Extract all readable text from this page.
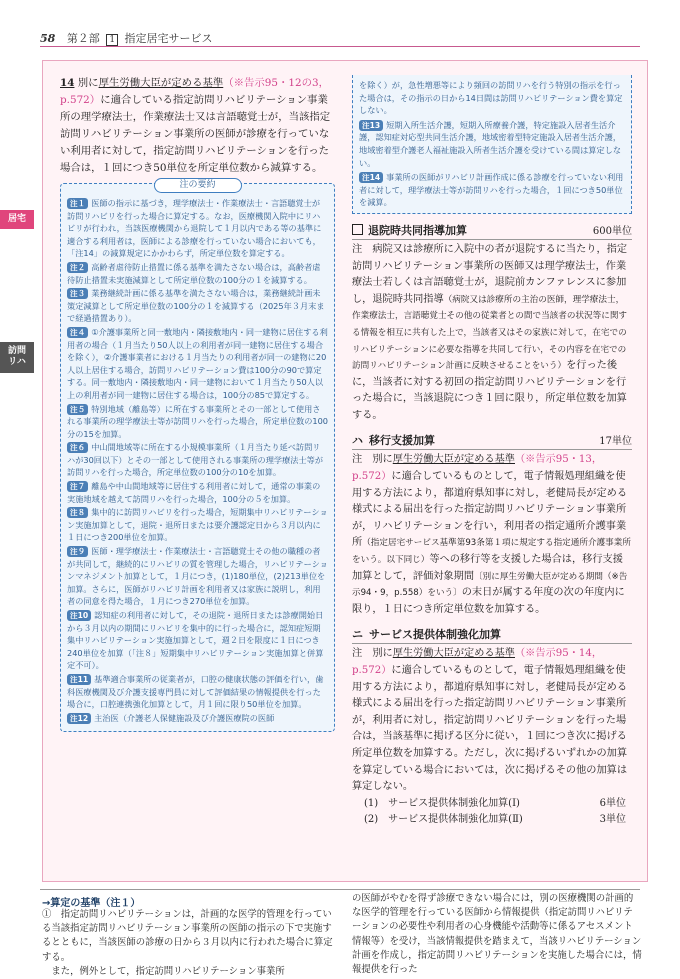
58 第２部 1 指定居宅サービス
居宅
訪問
リハ

14 別に厚生労働大臣が定める基準（※告示95・12の3，p.572）に適合している指定訪問リハビリテーション事業所の理学療法士，作業療法士又は言語聴覚士が，当該指定訪問リハビリテーション事業所の医師が診療を行っていない利用者に対して，指定訪問リハビリテーションを行った場合は，１回につき50単位を所定単位数から減算する。

注の要約

注１ 医師の指示に基づき，理学療法士・作業療法士・言語聴覚士が訪問リハビリを行った場合に算定する。なお，医療機関入院中にリハビリが行われ，当該医療機関から退院して１月以内である等の基準に適合する利用者は，医師による診療を行っていない場合においても，「注14」の減算規定にかかわらず，所定単位数を算定する。

注２ 高齢者虐待防止措置に係る基準を満たさない場合は，高齢者虐待防止措置未実施減算として所定単位数の100分の１を減算する。

注３ 業務継続計画に係る基準を満たさない場合は，業務継続計画未策定減算として所定単位数の100分の１を減算する（2025年３月末まで経過措置あり）。

注４ ①介護事業所と同一敷地内・隣接敷地内・同一建物に居住する利用者の場合（１月当たり50人以上の利用者が同一建物に居住する場合を除く），②介護事業者における１月当たりの利用者が同一の建物に20人以上居住する場合，訪問リハビリテーション費は100分の90で算定する。同一敷地内・隣接敷地内・同一建物において１月当たり50人以上の利用者が同一建物に居住する場合は，100分の85で算定する。

注５ 特別地域（離島等）に所在する事業所とその一部として使用される事業所の理学療法士等が訪問リハを行った場合，所定単位数の100分の15を加算。

注６ 中山間地域等に所在する小規模事業所（１月当たり延べ訪問リハが30回以下）とその一部として使用される事業所の理学療法士等が訪問リハを行った場合，所定単位数の100分の10を加算。

注７ 離島や中山間地域等に居住する利用者に対して，通常の事業の実施地域を越えて訪問リハを行った場合，100分の５を加算。

注８ 集中的に訪問リハビリを行った場合，短期集中リハビリテーション実施加算として，退院・退所日または要介護認定日から３月以内に１日につき200単位を加算。

注９ 医師・理学療法士・作業療法士・言語聴覚士その他の職種の者が共同して，継続的にリハビリの質を管理した場合，リハビリテーションマネジメント加算として，１月につき，(1)180単位，(2)213単位を加算。さらに，医師がリハビリ計画を利用者又は家族に説明し，利用者の同意を得た場合，１月につき270単位を加算。

注10 認知症の利用者に対して，その退院・退所日または診療開始日から３月以内の期間にリハビリを集中的に行った場合に，認知症短期集中リハビリテーション実施加算として，週２日を限度に１日につき240単位を加算（「注８」短期集中リハビリテーション実施加算と併算定不可）。

注11 基準適合事業所の従業者が，口腔の健康状態の評価を行い，歯科医療機関及び介護支援専門員に対して評価結果の情報提供を行った場合に，口腔連携強化加算として，月１回に限り50単位を加算。

注12 主治医（介護老人保健施設及び介護医療院の医師

を除く）が，急性増悪等により頻回の訪問リハを行う特別の指示を行った場合は，その指示の日から14日間は訪問リハビリテーション費を算定しない。

注13 短期入所生活介護，短期入所療養介護，特定施設入居者生活介護，認知症対応型共同生活介護，地域密着型特定施設入居者生活介護，地域密着型介護老人福祉施設入所者生活介護を受けている間は算定しない。

注14 事業所の医師がリハビリ計画作成に係る診療を行っていない利用者に対して，理学療法士等が訪問リハを行った場合，１回につき50単位を減算。

退院時共同指導加算	600単位

注　病院又は診療所に入院中の者が退院するに当たり，指定訪問リハビリテーション事業所の医師又は理学療法士，作業療法士若しくは言語聴覚士が，退院前カンファレンスに参加し，退院時共同指導（病院又は診療所の主治の医師，理学療法士，作業療法士，言語聴覚士その他の従業者との間で当該者の状況等に関する情報を相互に共有した上で，当該者又はその家族に対して，在宅でのリハビリテーションに必要な指導を共同して行い，その内容を在宅での訪問リハビリテーション計画に反映させることをいう）を行った後に，当該者に対する初回の指定訪問リハビリテーションを行った場合に，当該退院につき１回に限り，所定単位数を加算する。

ハ 移行支援加算	17単位

注　別に厚生労働大臣が定める基準（※告示95・13，p.572）に適合しているものとして，電子情報処理組織を使用する方法により，都道府県知事に対し，老健局長が定める様式による届出を行った指定訪問リハビリテーション事業所が，リハビリテーションを行い，利用者の指定通所介護事業所（指定居宅サービス基準第93条第１項に規定する指定通所介護事業所をいう。以下同じ）等への移行等を支援した場合は，移行支援加算として，評価対象期間〔別に厚生労働大臣が定める期間（※告示94・9，p.558）をいう〕の末日が属する年度の次の年度内に限り，１日につき所定単位数を加算する。

ニ サービス提供体制強化加算

注　別に厚生労働大臣が定める基準（※告示95・14，p.572）に適合しているものとして，電子情報処理組織を使用する方法により，都道府県知事に対し，老健局長が定める様式による届出を行った指定訪問リハビリテーション事業所が，利用者に対し，指定訪問リハビリテーションを行った場合は，当該基準に掲げる区分に従い，１回につき次に掲げる所定単位数を加算する。ただし，次に掲げるいずれかの加算を算定している場合においては，次に掲げるその他の加算は算定しない。

(1)　サービス提供体制強化加算(Ⅰ)	6単位
(2)　サービス提供体制強化加算(Ⅱ)	3単位
→算定の基準（注１）
①　指定訪問リハビリテーションは，計画的な医学的管理を行っている当該指定訪問リハビリテーション事業所の医師の指示の下で実施するとともに，当該医師の診療の日から３月以内に行われた場合に算定する。
　また，例外として，指定訪問リハビリテーション事業所
の医師がやむを得ず診療できない場合には，別の医療機関の計画的な医学的管理を行っている医師から情報提供（指定訪問リハビリテーションの必要性や利用者の心身機能や活動等に係るアセスメント情報等）を受け，当該情報提供を踏まえて，当該リハビリテーション計画を作成し，指定訪問リハビリテーションを実施した場合には，情報提供を行った
